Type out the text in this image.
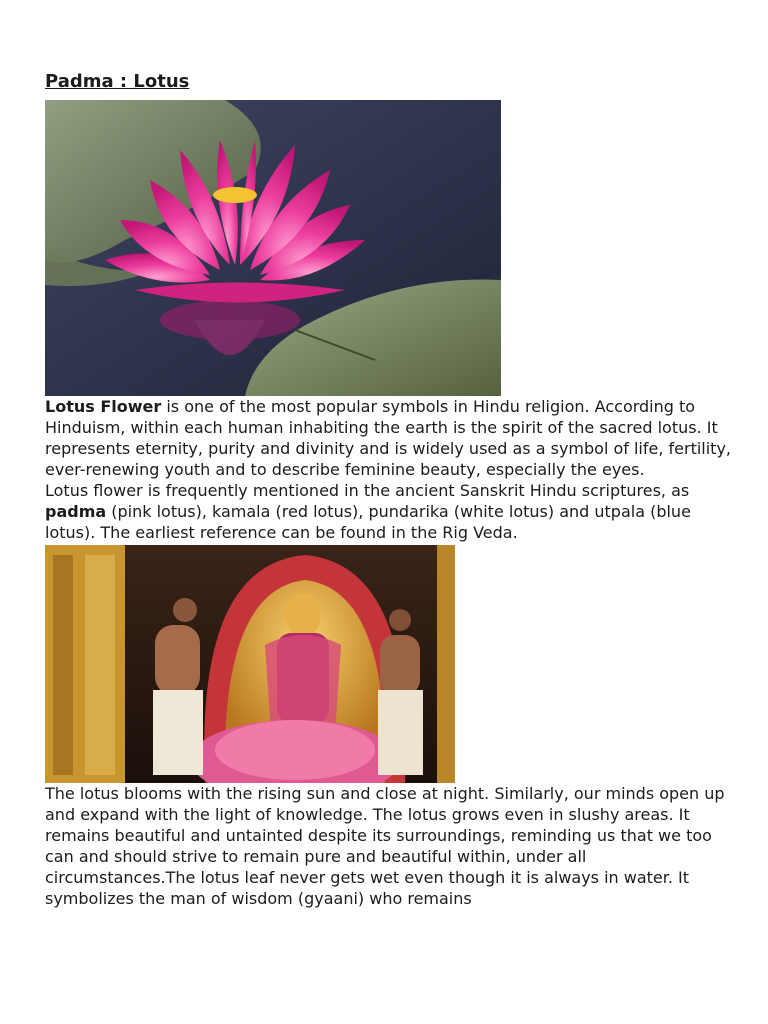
Padma : Lotus

Lotus Flower is one of the most popular symbols in Hindu religion. According to Hinduism, within each human inhabiting the earth is the spirit of the sacred lotus. It represents eternity, purity and divinity and is widely used as a symbol of life, fertility, ever-renewing youth and to describe feminine beauty, especially the eyes.

Lotus flower is frequently mentioned in the ancient Sanskrit Hindu scriptures, as padma (pink lotus), kamala (red lotus), pundarika (white lotus) and utpala (blue lotus). The earliest reference can be found in the Rig Veda.

The lotus blooms with the rising sun and close at night. Similarly, our minds open up and expand with the light of knowledge. The lotus grows even in slushy areas. It remains beautiful and untainted despite its surroundings, reminding us that we too can and should strive to remain pure and beautiful within, under all circumstances.The lotus leaf never gets wet even though it is always in water. It symbolizes the man of wisdom (gyaani) who remains
